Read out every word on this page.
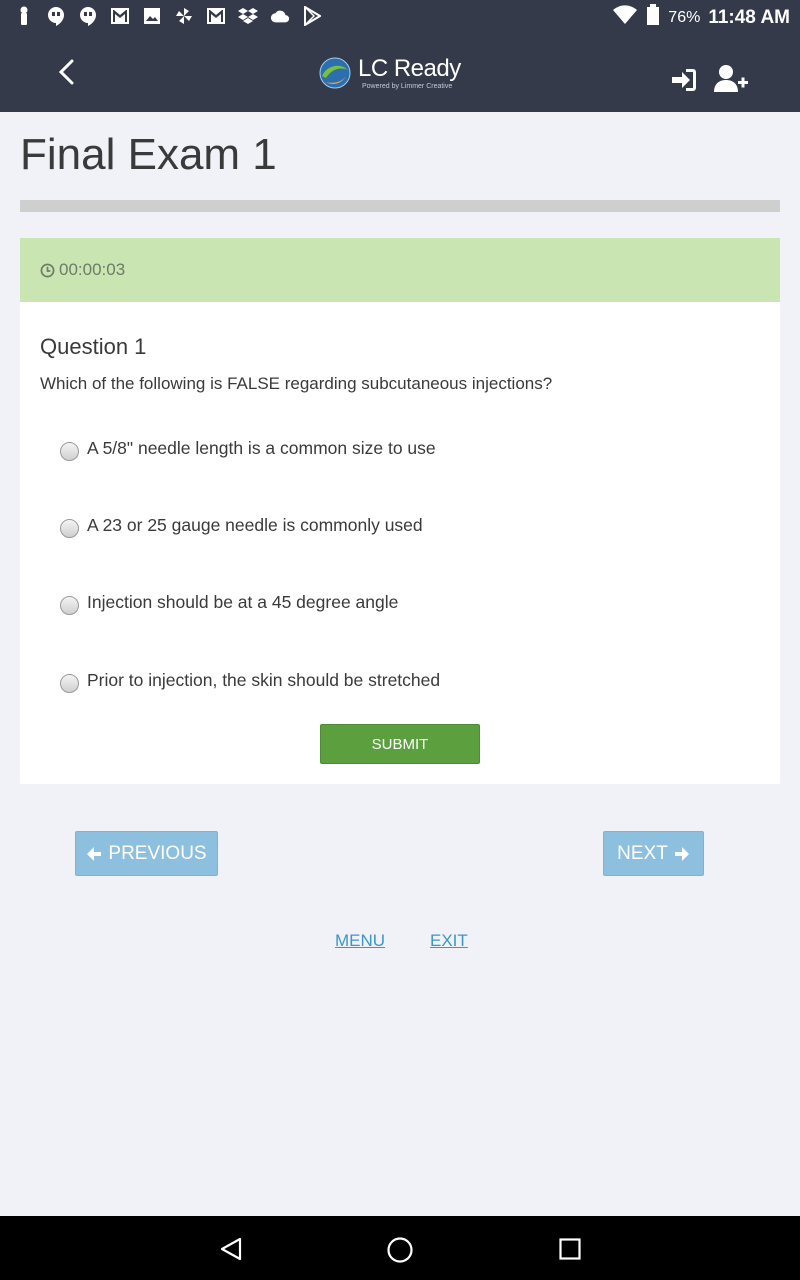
76% 11:48 AM
LC Ready
Powered by Limmer Creative
Final Exam 1
00:00:03
Question 1
Which of the following is FALSE regarding subcutaneous injections?
A 5/8" needle length is a common size to use
A 23 or 25 gauge needle is commonly used
Injection should be at a 45 degree angle
Prior to injection, the skin should be stretched
SUBMIT
PREVIOUS	NEXT
MENU	EXIT
